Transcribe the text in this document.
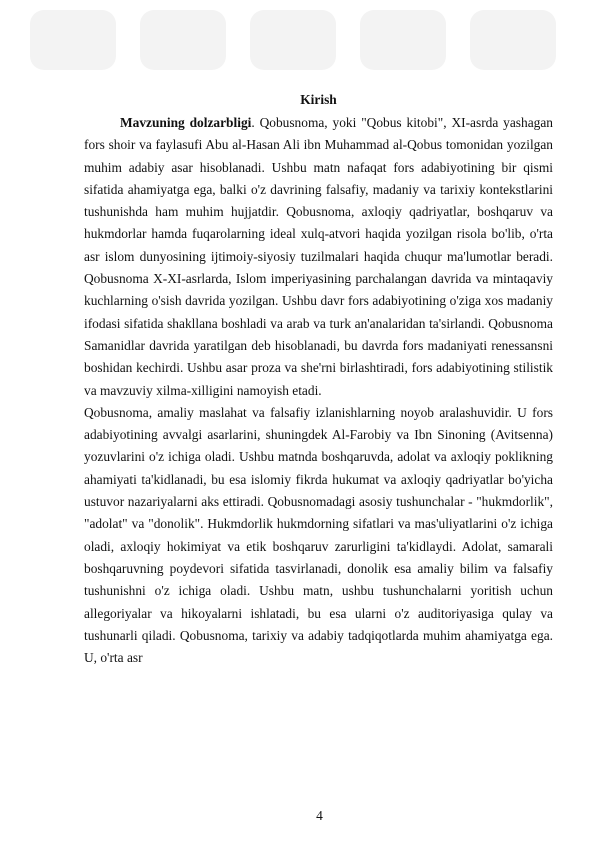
Kirish

Mavzuning dolzarbligi. Qobusnoma, yoki "Qobus kitobi", XI-asrda yashagan fors shoir va faylasufi Abu al-Hasan Ali ibn Muhammad al-Qobus tomonidan yozilgan muhim adabiy asar hisoblanadi. Ushbu matn nafaqat fors adabiyotining bir qismi sifatida ahamiyatga ega, balki o'z davrining falsafiy, madaniy va tarixiy kontekstlarini tushunishda ham muhim hujjatdir. Qobusnoma, axloqiy qadriyatlar, boshqaruv va hukmdorlar hamda fuqarolarning ideal xulq-atvori haqida yozilgan risola bo'lib, o'rta asr islom dunyosining ijtimoiy-siyosiy tuzilmalari haqida chuqur ma'lumotlar beradi. Qobusnoma X-XI-asrlarda, Islom imperiyasining parchalangan davrida va mintaqaviy kuchlarning o'sish davrida yozilgan. Ushbu davr fors adabiyotining o'ziga xos madaniy ifodasi sifatida shakllana boshladi va arab va turk an'analaridan ta'sirlandi. Qobusnoma Samanidlar davrida yaratilgan deb hisoblanadi, bu davrda fors madaniyati renessansni boshidan kechirdi. Ushbu asar proza va she'rni birlashtiradi, fors adabiyotining stilistik va mavzuviy xilma-xilligini namoyish etadi.

Qobusnoma, amaliy maslahat va falsafiy izlanishlarning noyob aralashuvidir. U fors adabiyotining avvalgi asarlarini, shuningdek Al-Farobiy va Ibn Sinoning (Avitsenna) yozuvlarini o'z ichiga oladi. Ushbu matnda boshqaruvda, adolat va axloqiy poklikning ahamiyati ta'kidlanadi, bu esa islomiy fikrda hukumat va axloqiy qadriyatlar bo'yicha ustuvor nazariyalarni aks ettiradi. Qobusnomadagi asosiy tushunchalar - "hukmdorlik", "adolat" va "donolik". Hukmdorlik hukmdorning sifatlari va mas'uliyatlarini o'z ichiga oladi, axloqiy hokimiyat va etik boshqaruv zarurligini ta'kidlaydi. Adolat, samarali boshqaruvning poydevori sifatida tasvirlanadi, donolik esa amaliy bilim va falsafiy tushunishni o'z ichiga oladi. Ushbu matn, ushbu tushunchalarni yoritish uchun allegoriyalar va hikoyalarni ishlatadi, bu esa ularni o'z auditoriyasiga qulay va tushunarli qiladi. Qobusnoma, tarixiy va adabiy tadqiqotlarda muhim ahamiyatga ega. U, o'rta asr

4
